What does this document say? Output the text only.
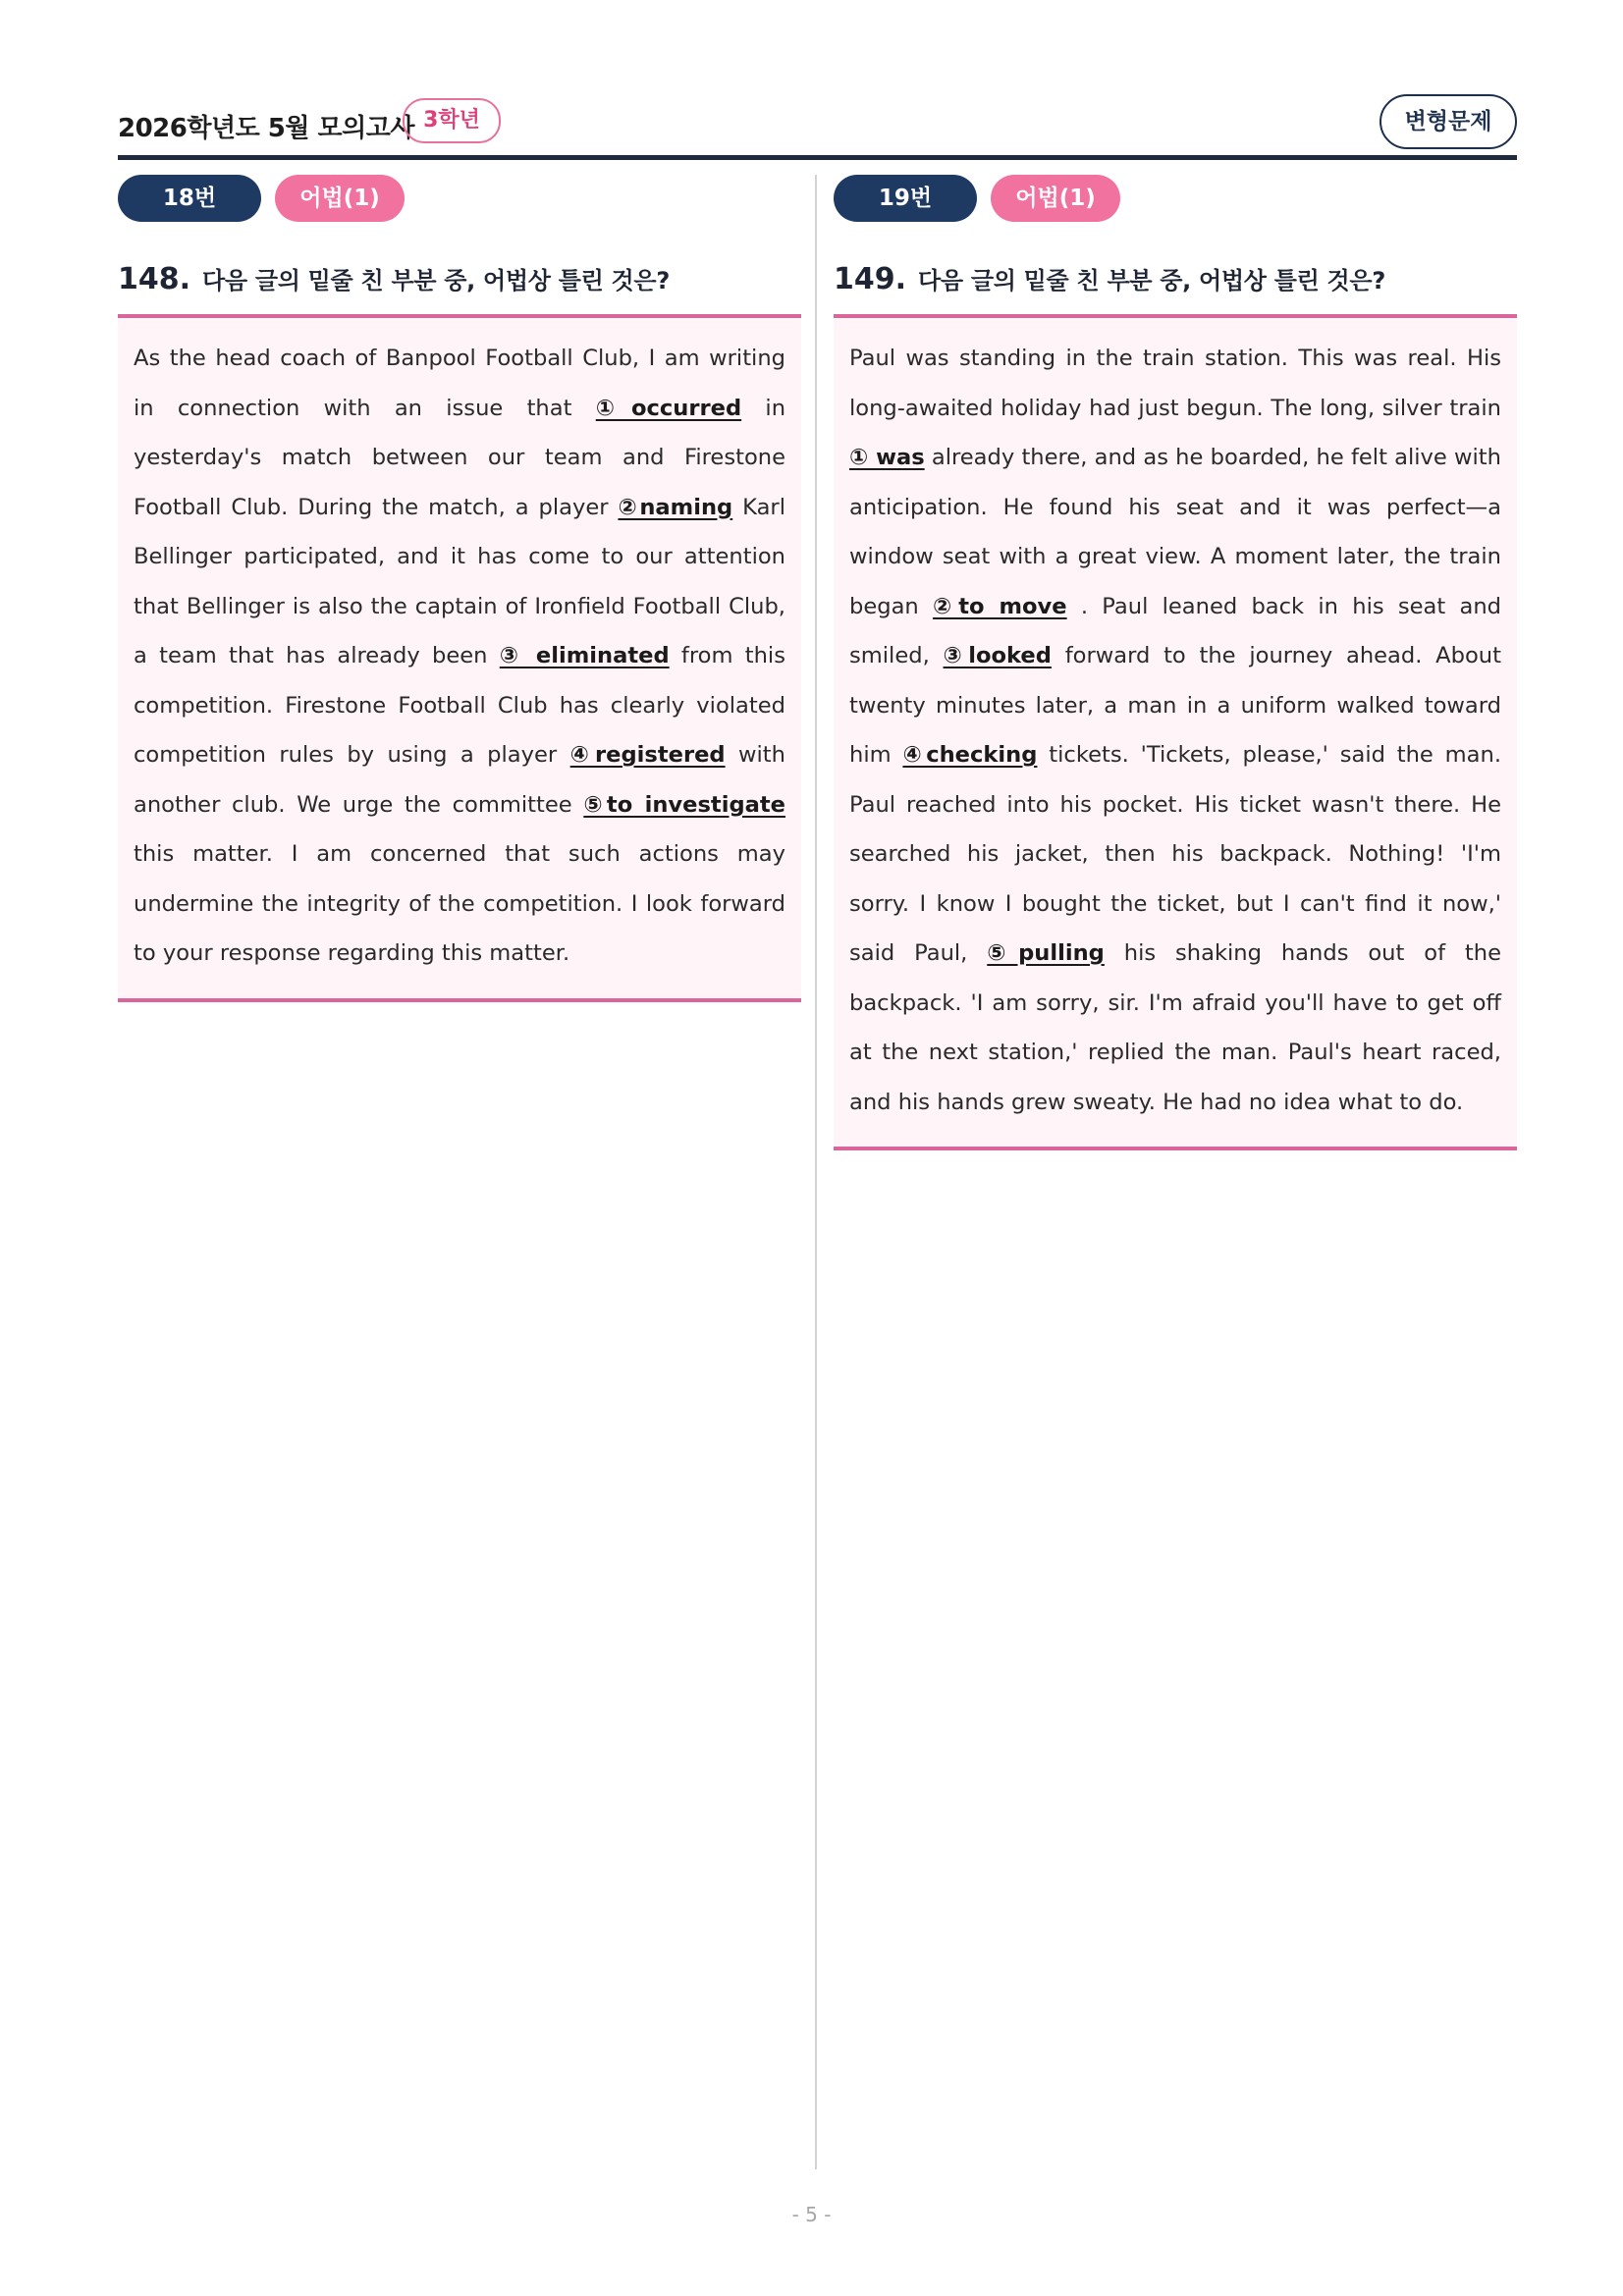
2026학년도 5월 모의고사 3학년	변형문제
18번	어법(1)
148. 다음 글의 밑줄 친 부분 중, 어법상 틀린 것은?

As the head coach of Banpool Football Club, I am writing in connection with an issue that ①occurred in yesterday's match between our team and Firestone Football Club. During the match, a player ②naming Karl Bellinger participated, and it has come to our attention that Bellinger is also the captain of Ironfield Football Club, a team that has already been ③ eliminated from this competition. Firestone Football Club has clearly violated competition rules by using a player ④registered with another club. We urge the committee ⑤to investigate this matter. I am concerned that such actions may undermine the integrity of the competition. I look forward to your response regarding this matter.

19번	어법(1)
149. 다음 글의 밑줄 친 부분 중, 어법상 틀린 것은?

Paul was standing in the train station. This was real. His long-awaited holiday had just begun. The long, silver train ① was already there, and as he boarded, he felt alive with anticipation. He found his seat and it was perfect—a window seat with a great view. A moment later, the train began ②to move . Paul leaned back in his seat and smiled, ③looked forward to the journey ahead. About twenty minutes later, a man in a uniform walked toward him ④checking tickets. 'Tickets, please,' said the man. Paul reached into his pocket. His ticket wasn't there. He searched his jacket, then his backpack. Nothing! 'I'm sorry. I know I bought the ticket, but I can't find it now,' said Paul, ⑤pulling his shaking hands out of the backpack. 'I am sorry, sir. I'm afraid you'll have to get off at the next station,' replied the man. Paul's heart raced, and his hands grew sweaty. He had no idea what to do.

- 5 -
